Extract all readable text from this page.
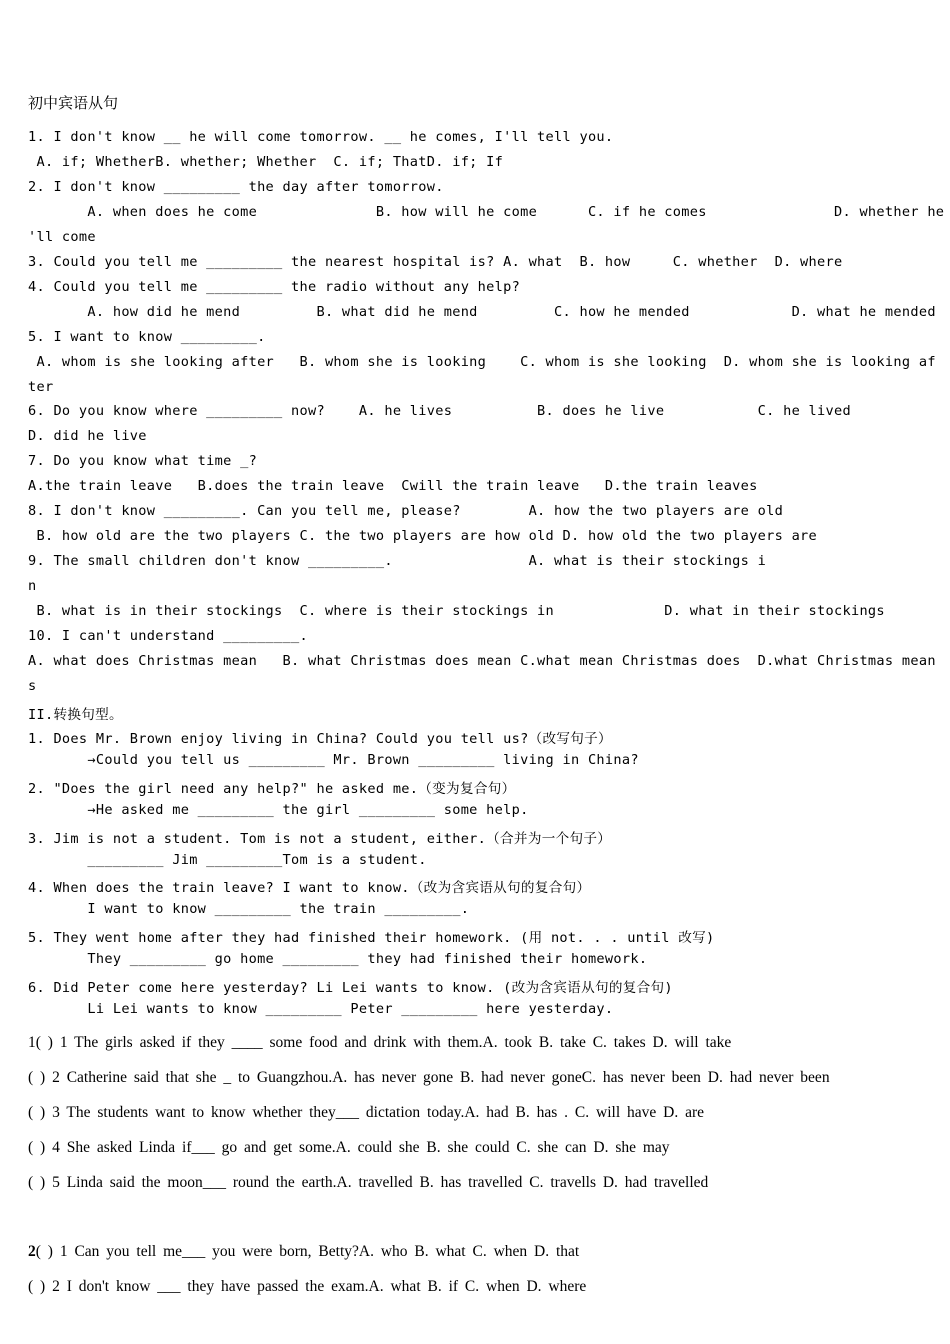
初中宾语从句
1. I don't know __ he will come tomorrow. __ he comes, I'll tell you.
A. if; WhetherB. whether; Whether  C. if; ThatD. if; If
2. I don't know _________ the day after tomorrow.
A. when does he come              B. how will he come      C. if he comes               D. whether he
'll come
3. Could you tell me _________ the nearest hospital is? A. what  B. how     C. whether  D. where
4. Could you tell me _________ the radio without any help?
A. how did he mend         B. what did he mend         C. how he mended            D. what he mended
5. I want to know _________.
A. whom is she looking after   B. whom she is looking    C. whom is she looking  D. whom she is looking af
ter
6. Do you know where _________ now?    A. he lives          B. does he live           C. he lived
D. did he live
7. Do you know what time _?
A.the train leave   B.does the train leave  Cwill the train leave   D.the train leaves
8. I don't know _________. Can you tell me, please?        A. how the two players are old
B. how old are the two players C. the two players are how old D. how old the two players are
9. The small children don't know _________.                A. what is their stockings i
n
B. what is in their stockings  C. where is their stockings in             D. what in their stockings
10. I can't understand _________.
A. what does Christmas mean   B. what Christmas does mean C.what mean Christmas does  D.what Christmas mean
s
II.转换句型。
1. Does Mr. Brown enjoy living in China? Could you tell us?（改写句子）
→Could you tell us _________ Mr. Brown _________ living in China?
2. "Does the girl need any help?" he asked me.（变为复合句）
→He asked me _________ the girl _________ some help.
3. Jim is not a student. Tom is not a student, either.（合并为一个句子）
_________ Jim _________Tom is a student.
4. When does the train leave? I want to know.（改为含宾语从句的复合句）
I want to know _________ the train _________.
5. They went home after they had finished their homework. (用 not. . . until 改写)
They _________ go home _________ they had finished their homework.
6. Did Peter come here yesterday? Li Lei wants to know. (改为含宾语从句的复合句)
Li Lei wants to know _________ Peter _________ here yesterday.
1( ) 1 The girls asked if they ____ some food and drink with them.A. took B. take C. takes D. will take
( ) 2 Catherine said that she _ to Guangzhou.A. has never gone B. had never goneC. has never been D. had never been
( ) 3 The students want to know whether they___ dictation today.A. had B. has . C. will have D. are
( ) 4 She asked Linda if___ go and get some.A. could she B. she could C. she can D. she may
( ) 5 Linda said the moon___ round the earth.A. travelled B. has travelled C. travells D. had travelled
2( ) 1 Can you tell me___ you were born, Betty?A. who B. what C. when D. that
( ) 2 I don't know ___ they have passed the exam.A. what B. if C. when D. where
